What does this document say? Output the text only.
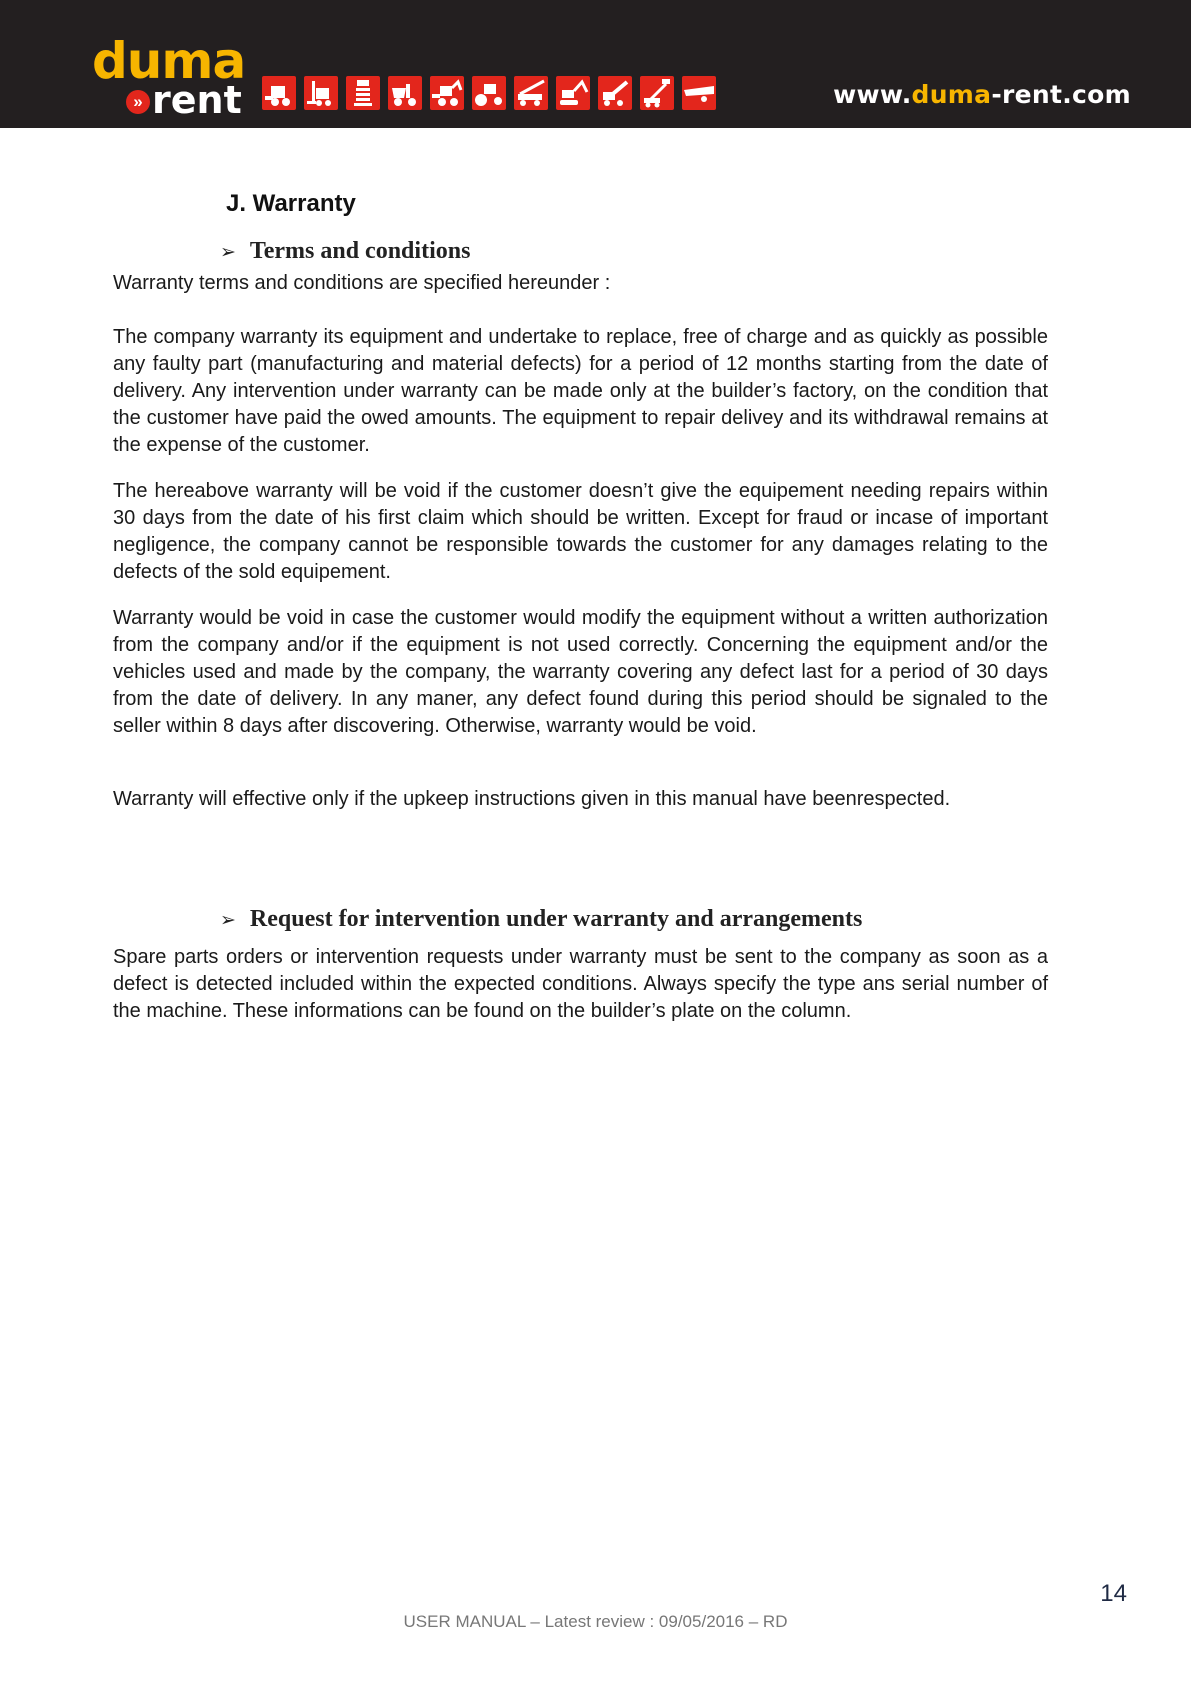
duma
» rent	www.duma-rent.com
J. Warranty
➢ Terms and conditions

Warranty terms and conditions are specified hereunder :

The company warranty its equipment and undertake to replace, free of charge and as quickly as possible any faulty part (manufacturing and material defects) for a period of 12 months starting from the date of delivery. Any intervention under warranty can be made only at the builder’s factory, on the condition that the customer have paid the owed amounts. The equipment to repair delivey and its withdrawal remains at the expense of the customer.

The hereabove warranty will be void if the customer doesn’t give the equipement needing repairs within 30 days from the date of his first claim which should be written. Except for fraud or incase of important negligence, the company cannot be responsible towards the customer for any damages relating to the defects of the sold equipement.

Warranty would be void in case the customer would modify the equipment without a written authorization from the company and/or if the equipment is not used correctly. Concerning the equipment and/or the vehicles used and made by the company, the warranty covering any defect last for a period of 30 days from the date of delivery. In any maner, any defect found during this period should be signaled to the seller within 8 days after discovering. Otherwise, warranty would be void.

Warranty will effective only if the upkeep instructions given in this manual have beenrespected.

➢ Request for intervention under warranty and arrangements

Spare parts orders or intervention requests under warranty must be sent to the company as soon as a defect is detected included within the expected conditions. Always specify the type ans serial number of the machine. These informations can be found on the builder’s plate on the column.

14
USER MANUAL – Latest review : 09/05/2016 – RD
